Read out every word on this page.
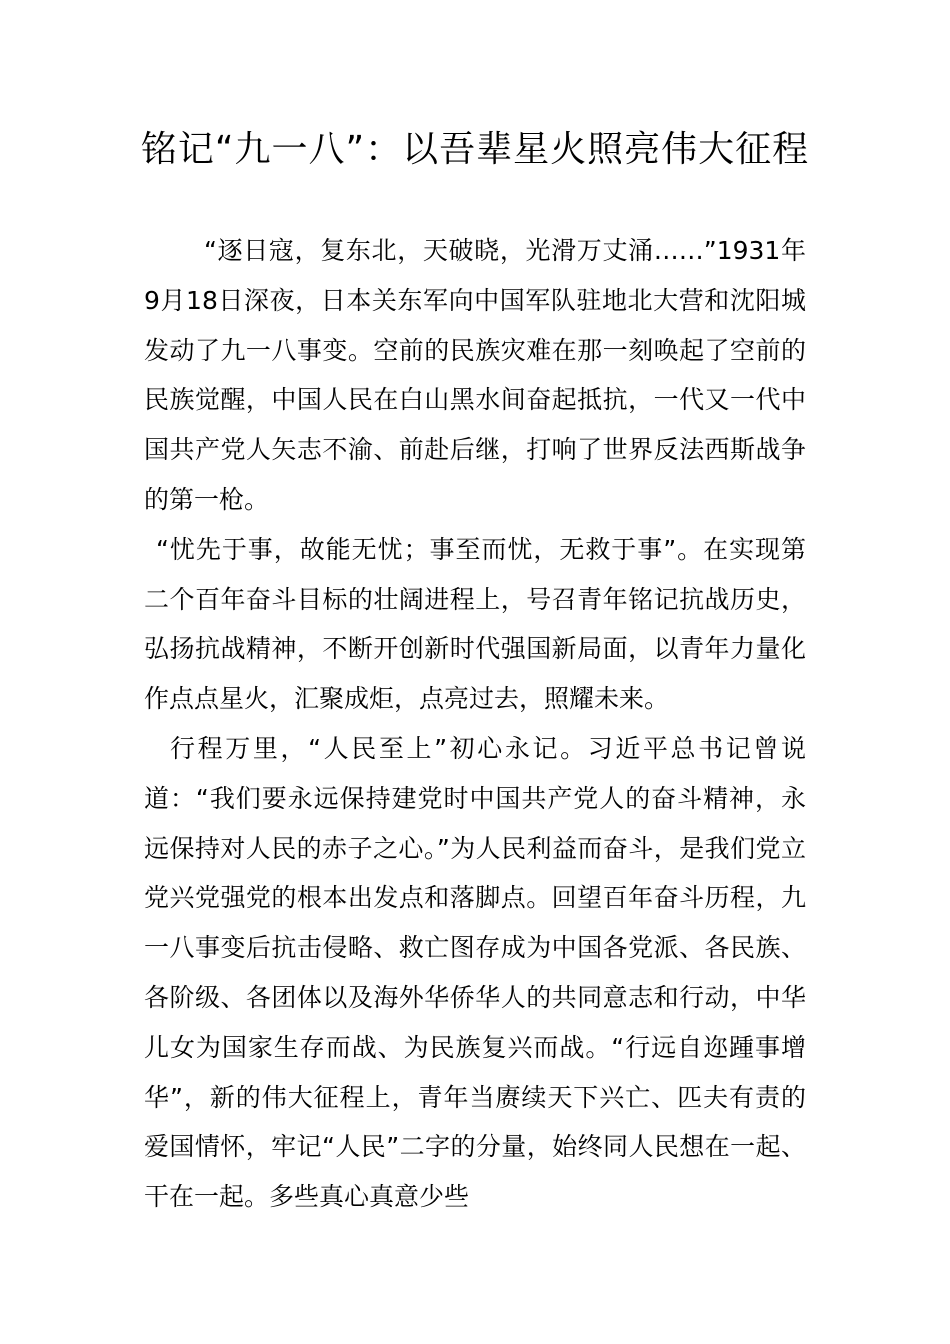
铭记“九一八”：以吾辈星火照亮伟大征程

“逐日寇，复东北，天破晓，光滑万丈涌……”1931年9月18日深夜，日本关东军向中国军队驻地北大营和沈阳城发动了九一八事变。空前的民族灾难在那一刻唤起了空前的民族觉醒，中国人民在白山黑水间奋起抵抗，一代又一代中国共产党人矢志不渝、前赴后继，打响了世界反法西斯战争的第一枪。

“忧先于事，故能无忧；事至而忧，无救于事”。在实现第二个百年奋斗目标的壮阔进程上，号召青年铭记抗战历史，弘扬抗战精神，不断开创新时代强国新局面，以青年力量化作点点星火，汇聚成炬，点亮过去，照耀未来。

行程万里，“人民至上”初心永记。习近平总书记曾说道：“我们要永远保持建党时中国共产党人的奋斗精神，永远保持对人民的赤子之心。”为人民利益而奋斗，是我们党立党兴党强党的根本出发点和落脚点。回望百年奋斗历程，九一八事变后抗击侵略、救亡图存成为中国各党派、各民族、各阶级、各团体以及海外华侨华人的共同意志和行动，中华儿女为国家生存而战、为民族复兴而战。“行远自迩踵事增华”，新的伟大征程上，青年当赓续天下兴亡、匹夫有责的爱国情怀，牢记“人民”二字的分量，始终同人民想在一起、干在一起。多些真心真意少些
